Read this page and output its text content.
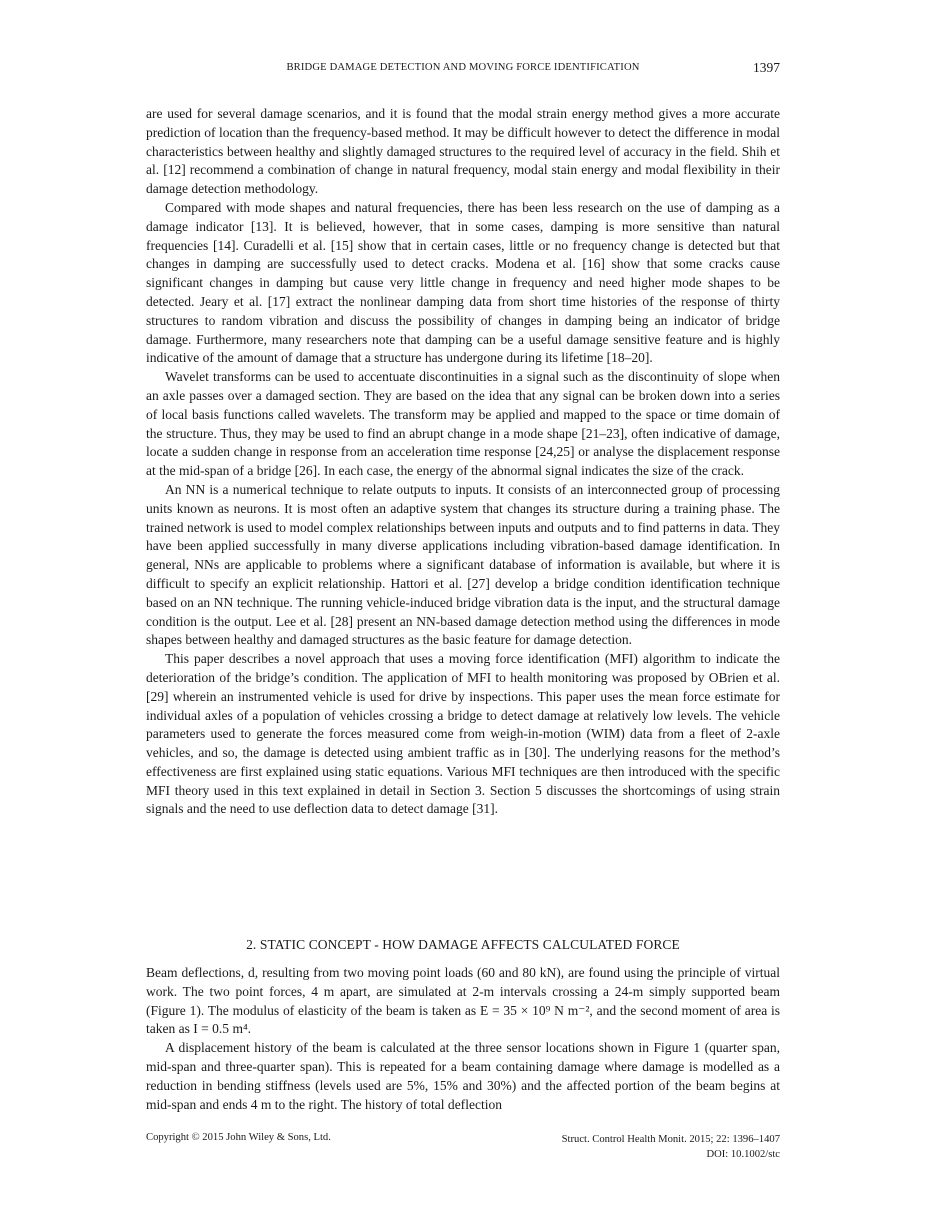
BRIDGE DAMAGE DETECTION AND MOVING FORCE IDENTIFICATION	1397

are used for several damage scenarios, and it is found that the modal strain energy method gives a more accurate prediction of location than the frequency-based method. It may be difficult however to detect the difference in modal characteristics between healthy and slightly damaged structures to the required level of accuracy in the field. Shih et al. [12] recommend a combination of change in natural frequency, modal stain energy and modal flexibility in their damage detection methodology.

Compared with mode shapes and natural frequencies, there has been less research on the use of damping as a damage indicator [13]. It is believed, however, that in some cases, damping is more sensitive than natural frequencies [14]. Curadelli et al. [15] show that in certain cases, little or no frequency change is detected but that changes in damping are successfully used to detect cracks. Modena et al. [16] show that some cracks cause significant changes in damping but cause very little change in frequency and need higher mode shapes to be detected. Jeary et al. [17] extract the nonlinear damping data from short time histories of the response of thirty structures to random vibration and discuss the possibility of changes in damping being an indicator of bridge damage. Furthermore, many researchers note that damping can be a useful damage sensitive feature and is highly indicative of the amount of damage that a structure has undergone during its lifetime [18–20].

Wavelet transforms can be used to accentuate discontinuities in a signal such as the discontinuity of slope when an axle passes over a damaged section. They are based on the idea that any signal can be broken down into a series of local basis functions called wavelets. The transform may be applied and mapped to the space or time domain of the structure. Thus, they may be used to find an abrupt change in a mode shape [21–23], often indicative of damage, locate a sudden change in response from an acceleration time response [24,25] or analyse the displacement response at the mid-span of a bridge [26]. In each case, the energy of the abnormal signal indicates the size of the crack.

An NN is a numerical technique to relate outputs to inputs. It consists of an interconnected group of processing units known as neurons. It is most often an adaptive system that changes its structure during a training phase. The trained network is used to model complex relationships between inputs and outputs and to find patterns in data. They have been applied successfully in many diverse applications including vibration-based damage identification. In general, NNs are applicable to problems where a significant database of information is available, but where it is difficult to specify an explicit relationship. Hattori et al. [27] develop a bridge condition identification technique based on an NN technique. The running vehicle-induced bridge vibration data is the input, and the structural damage condition is the output. Lee et al. [28] present an NN-based damage detection method using the differences in mode shapes between healthy and damaged structures as the basic feature for damage detection.

This paper describes a novel approach that uses a moving force identification (MFI) algorithm to indicate the deterioration of the bridge’s condition. The application of MFI to health monitoring was proposed by OBrien et al. [29] wherein an instrumented vehicle is used for drive by inspections. This paper uses the mean force estimate for individual axles of a population of vehicles crossing a bridge to detect damage at relatively low levels. The vehicle parameters used to generate the forces measured come from weigh-in-motion (WIM) data from a fleet of 2-axle vehicles, and so, the damage is detected using ambient traffic as in [30]. The underlying reasons for the method’s effectiveness are first explained using static equations. Various MFI techniques are then introduced with the specific MFI theory used in this text explained in detail in Section 3. Section 5 discusses the shortcomings of using strain signals and the need to use deflection data to detect damage [31].

2. STATIC CONCEPT - HOW DAMAGE AFFECTS CALCULATED FORCE

Beam deflections, d, resulting from two moving point loads (60 and 80 kN), are found using the principle of virtual work. The two point forces, 4 m apart, are simulated at 2-m intervals crossing a 24-m simply supported beam (Figure 1). The modulus of elasticity of the beam is taken as E = 35 × 10⁹ N m⁻², and the second moment of area is taken as I = 0.5 m⁴.

A displacement history of the beam is calculated at the three sensor locations shown in Figure 1 (quarter span, mid-span and three-quarter span). This is repeated for a beam containing damage where damage is modelled as a reduction in bending stiffness (levels used are 5%, 15% and 30%) and the affected portion of the beam begins at mid-span and ends 4 m to the right. The history of total deflection

Copyright © 2015 John Wiley & Sons, Ltd.	Struct. Control Health Monit. 2015; 22: 1396–1407
DOI: 10.1002/stc
